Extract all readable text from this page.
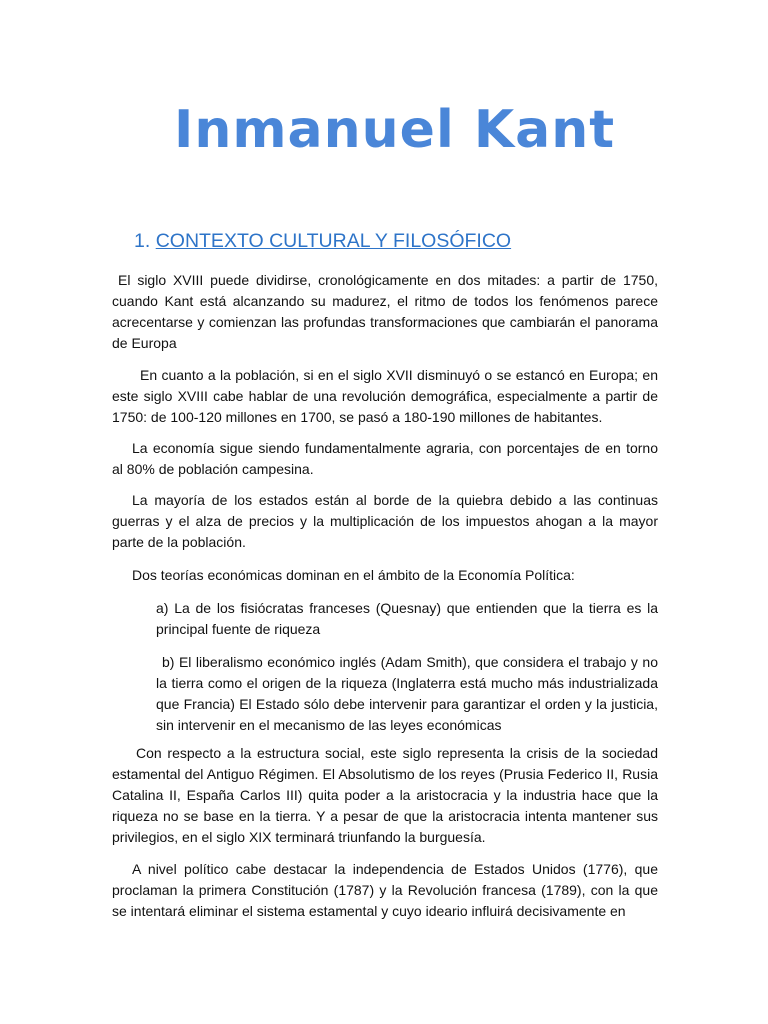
Inmanuel Kant
1. CONTEXTO CULTURAL Y FILOSÓFICO

El siglo XVIII puede dividirse, cronológicamente en dos mitades: a partir de 1750, cuando Kant está alcanzando su madurez, el ritmo de todos los fenómenos parece acrecentarse y comienzan las profundas transformaciones que cambiarán el panorama de Europa

En cuanto a la población, si en el siglo XVII disminuyó o se estancó en Europa; en este siglo XVIII cabe hablar de una revolución demográfica, especialmente a partir de 1750: de 100-120 millones en 1700, se pasó a 180-190 millones de habitantes.

La economía sigue siendo fundamentalmente agraria, con porcentajes de en torno al 80% de población campesina.

La mayoría de los estados están al borde de la quiebra debido a las continuas guerras y el alza de precios y la multiplicación de los impuestos ahogan a la mayor parte de la población.

Dos teorías económicas dominan en el ámbito de la Economía Política:

a) La de los fisiócratas franceses (Quesnay) que entienden que la tierra es la principal fuente de riqueza

b) El liberalismo económico inglés (Adam Smith), que considera el trabajo y no la tierra como el origen de la riqueza (Inglaterra está mucho más industrializada que Francia) El Estado sólo debe intervenir para garantizar el orden y la justicia, sin intervenir en el mecanismo de las leyes económicas

Con respecto a la estructura social, este siglo representa la crisis de la sociedad estamental del Antiguo Régimen. El Absolutismo de los reyes (Prusia Federico II, Rusia Catalina II, España Carlos III) quita poder a la aristocracia y la industria hace que la riqueza no se base en la tierra. Y a pesar de que la aristocracia intenta mantener sus privilegios, en el siglo XIX terminará triunfando la burguesía.

A nivel político cabe destacar la independencia de Estados Unidos (1776), que proclaman la primera Constitución (1787) y la Revolución francesa (1789), con la que se intentará eliminar el sistema estamental y cuyo ideario influirá decisivamente en
